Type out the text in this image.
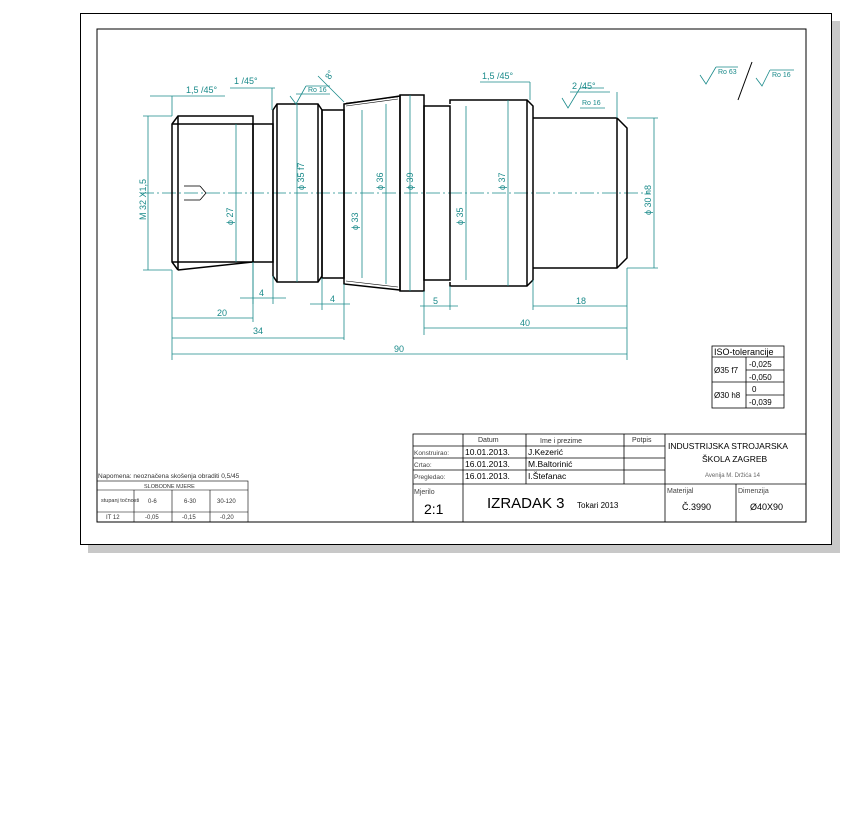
1,5 /45°
1 /45°	1,5 /45°
2 /45°
8°
Ro 16
Ro 16
Ro 63	Ro 16
M 32 X1,5	ϕ 27
ϕ 35 f7
ϕ 33
ϕ 36 ϕ 39
ϕ 35
ϕ 37
ϕ 30 h8
4
20
34
4	5	18
40
90	ISO-tolerancije
Ø35 f7
-0,025
-0,050
Ø30 h8
0
-0,039
Napomena: neoznačena skošenja obraditi 0,5/45
SLOBODNE MJERE
stupanj točnosti 0-6	6-30	30-120
IT 12	-0,05	-0,15	-0,20
Datum	Ime i prezime	Potpis
Konstruirao: 10.01.2013. J.Kezerić
Crtao:	16.01.2013. M.Baltorinić
Pregledao: 16.01.2013. I.Štefanac
INDUSTRIJSKA STROJARSKA
ŠKOLA ZAGREB
Avenija M. Držića 14
Mjerilo
2:1	IZRADAK 3 Tokari 2013
Materijal
Č.3990
Dimenzija
Ø40X90
